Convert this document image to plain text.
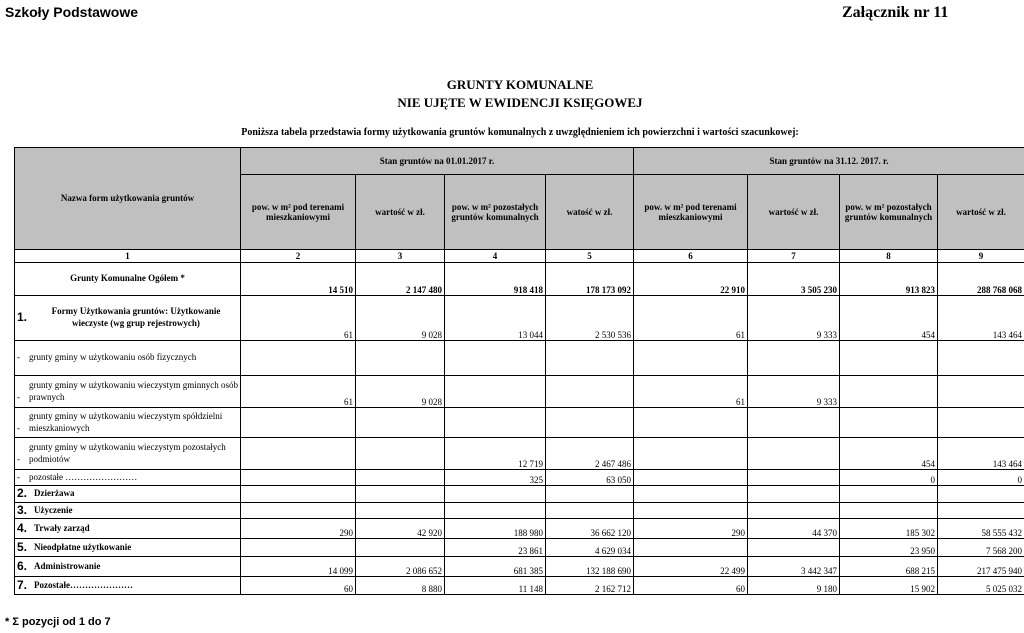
Szkoły Podstawowe	Załącznik nr 11
GRUNTY KOMUNALNE
NIE UJĘTE W EWIDENCJI KSIĘGOWEJ
Poniższa tabela przedstawia formy użytkowania gruntów komunalnych z uwzględnieniem ich powierzchni i wartości szacunkowej:
Nazwa form użytkowania gruntów	Stan gruntów na 01.01.2017 r.				Stan gruntów na 31.12. 2017. r.			
	pow. w m² pod terenami mieszkaniowymi	wartość w zł.	pow. w m² pozostałych gruntów komunalnych	watość w zł.	pow. w m² pod terenami mieszkaniowymi	wartość w zł.	pow. w m² pozostałych gruntów komunalnych	wartość w zł.
1	2	3	4	5	6	7	8	9
Grunty Komunalne Ogółem *	14 510	2 147 480	918 418	178 173 092	22 910	3 505 230	913 823	288 768 068

1. Formy Użytkowania gruntów: Użytkowanie wieczyste (wg grup rejestrowych)	61	9 028	13 044	2 530 536	61	9 333	454	143 464

- grunty gminy w użytkowaniu osób fizycznych								

-
grunty gminy w użytkowaniu wieczystym gminnych osób prawnych	61	9 028			61	9 333		

-
grunty gminy w użytkowaniu wieczystym spółdzielni mieszkaniowych								

-
grunty gminy w użytkowaniu wieczystym pozostałych podmiotów			12 719	2 467 486			454	143 464

- pozostałe ……………………			325	63 050			0	0

2. Dzierżawa								

3. Użyczenie								

4. Trwały zarząd	290	42 920	188 980	36 662 120	290	44 370	185 302	58 555 432

5. Nieodpłatne użytkowanie			23 861	4 629 034			23 950	7 568 200

6. Administrowanie	14 099	2 086 652	681 385	132 188 690	22 499	3 442 347	688 215	217 475 940

7. Pozostałe…………………	60	8 880	11 148	2 162 712	60	9 180	15 902	5 025 032
* Σ pozycji od 1 do 7
